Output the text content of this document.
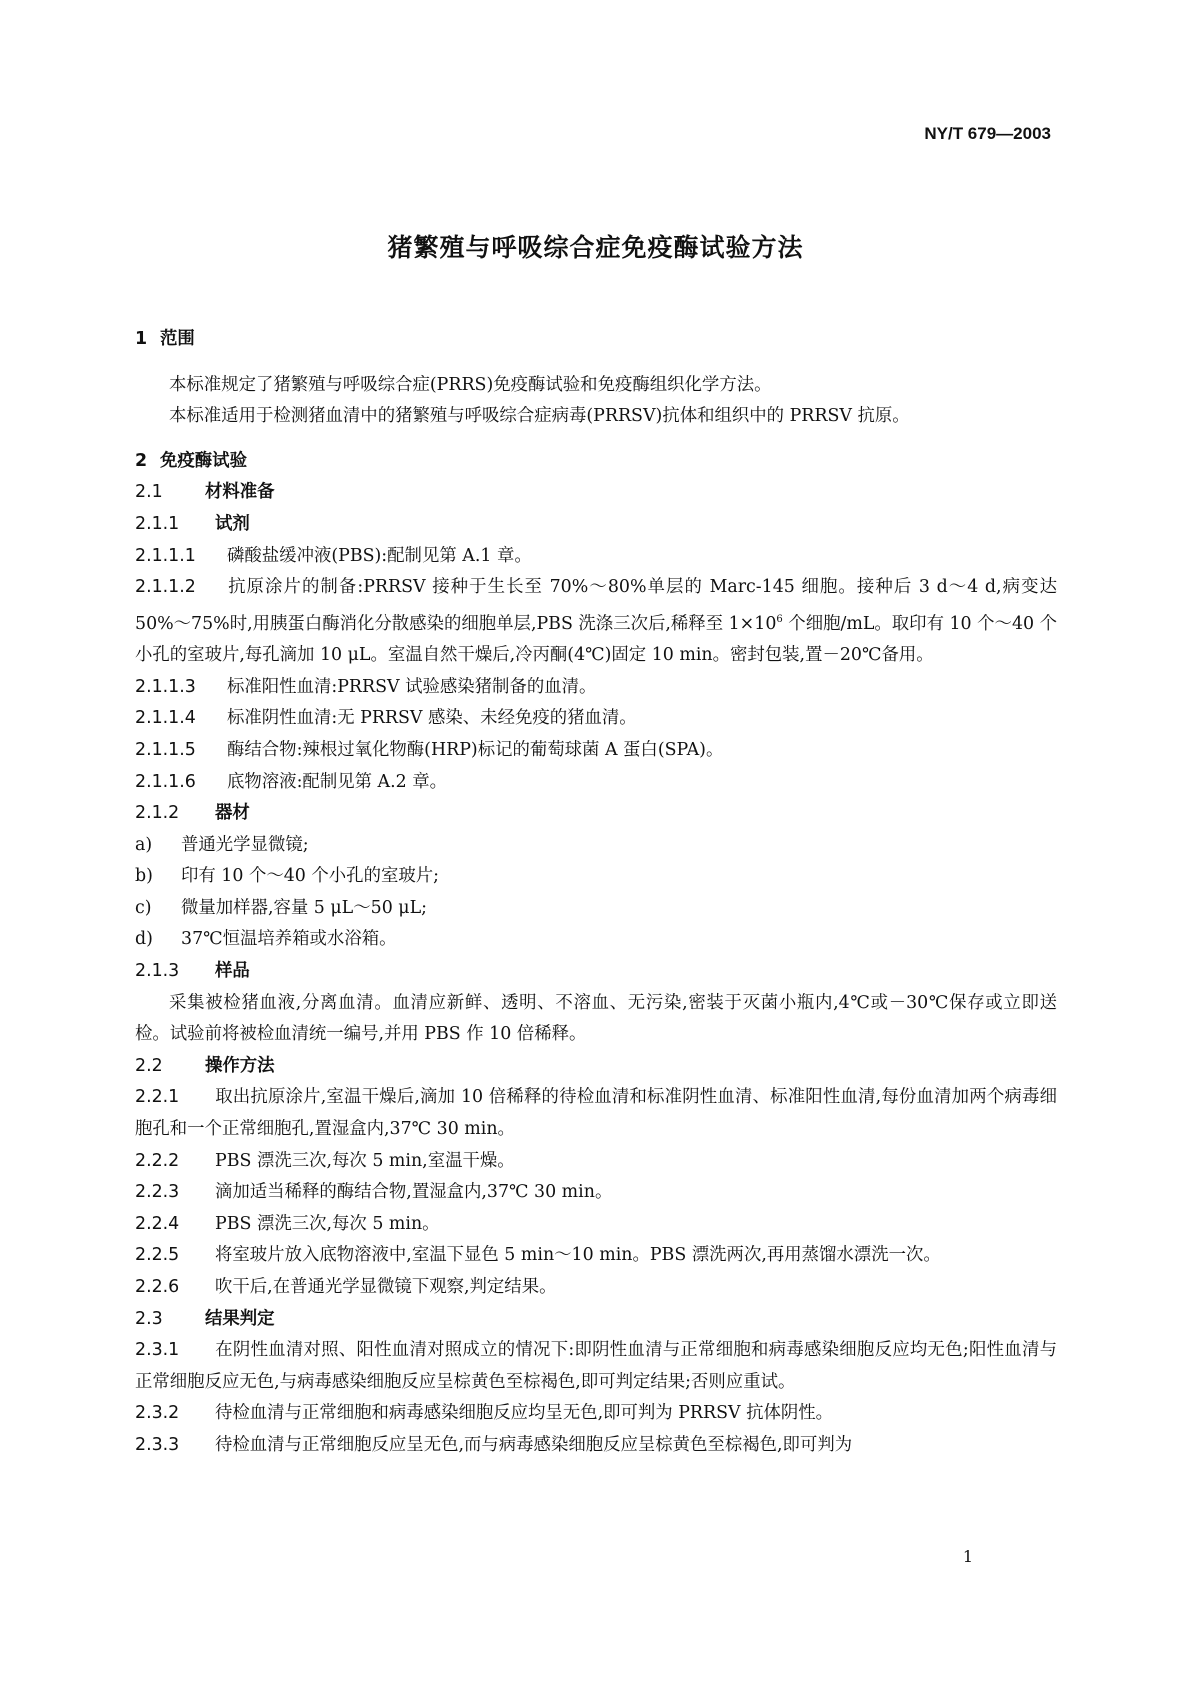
NY/T 679—2003
猪繁殖与呼吸综合症免疫酶试验方法

1 范围

本标准规定了猪繁殖与呼吸综合症(PRRS)免疫酶试验和免疫酶组织化学方法。

本标准适用于检测猪血清中的猪繁殖与呼吸综合症病毒(PRRSV)抗体和组织中的 PRRSV 抗原。

2 免疫酶试验

2.1 材料准备

2.1.1 试剂

2.1.1.1 磷酸盐缓冲液(PBS):配制见第 A.1 章。

2.1.1.2 抗原涂片的制备:PRRSV 接种于生长至 70%～80%单层的 Marc-145 细胞。接种后 3 d～4 d,病变达 50%～75%时,用胰蛋白酶消化分散感染的细胞单层,PBS 洗涤三次后,稀释至 $1\times 10^6$ 个细胞/mL。取印有 10 个～40 个小孔的室玻片,每孔滴加 10 μL。室温自然干燥后,冷丙酮(4℃)固定 10 min。密封包装,置－20℃备用。

2.1.1.3 标准阳性血清:PRRSV 试验感染猪制备的血清。

2.1.1.4 标准阴性血清:无 PRRSV 感染、未经免疫的猪血清。

2.1.1.5 酶结合物:辣根过氧化物酶(HRP)标记的葡萄球菌 A 蛋白(SPA)。

2.1.1.6 底物溶液:配制见第 A.2 章。

2.1.2 器材

a) 普通光学显微镜;

b) 印有 10 个～40 个小孔的室玻片;

c) 微量加样器,容量 5 μL～50 μL;

d) 37℃恒温培养箱或水浴箱。

2.1.3 样品

采集被检猪血液,分离血清。血清应新鲜、透明、不溶血、无污染,密装于灭菌小瓶内,4℃或－30℃保存或立即送检。试验前将被检血清统一编号,并用 PBS 作 10 倍稀释。

2.2 操作方法

2.2.1 取出抗原涂片,室温干燥后,滴加 10 倍稀释的待检血清和标准阴性血清、标准阳性血清,每份血清加两个病毒细胞孔和一个正常细胞孔,置湿盒内,37℃ 30 min。

2.2.2 PBS 漂洗三次,每次 5 min,室温干燥。

2.2.3 滴加适当稀释的酶结合物,置湿盒内,37℃ 30 min。

2.2.4 PBS 漂洗三次,每次 5 min。

2.2.5 将室玻片放入底物溶液中,室温下显色 5 min～10 min。PBS 漂洗两次,再用蒸馏水漂洗一次。

2.2.6 吹干后,在普通光学显微镜下观察,判定结果。

2.3 结果判定

2.3.1 在阴性血清对照、阳性血清对照成立的情况下:即阴性血清与正常细胞和病毒感染细胞反应均无色;阳性血清与正常细胞反应无色,与病毒感染细胞反应呈棕黄色至棕褐色,即可判定结果;否则应重试。

2.3.2 待检血清与正常细胞和病毒感染细胞反应均呈无色,即可判为 PRRSV 抗体阴性。

2.3.3 待检血清与正常细胞反应呈无色,而与病毒感染细胞反应呈棕黄色至棕褐色,即可判为

1
